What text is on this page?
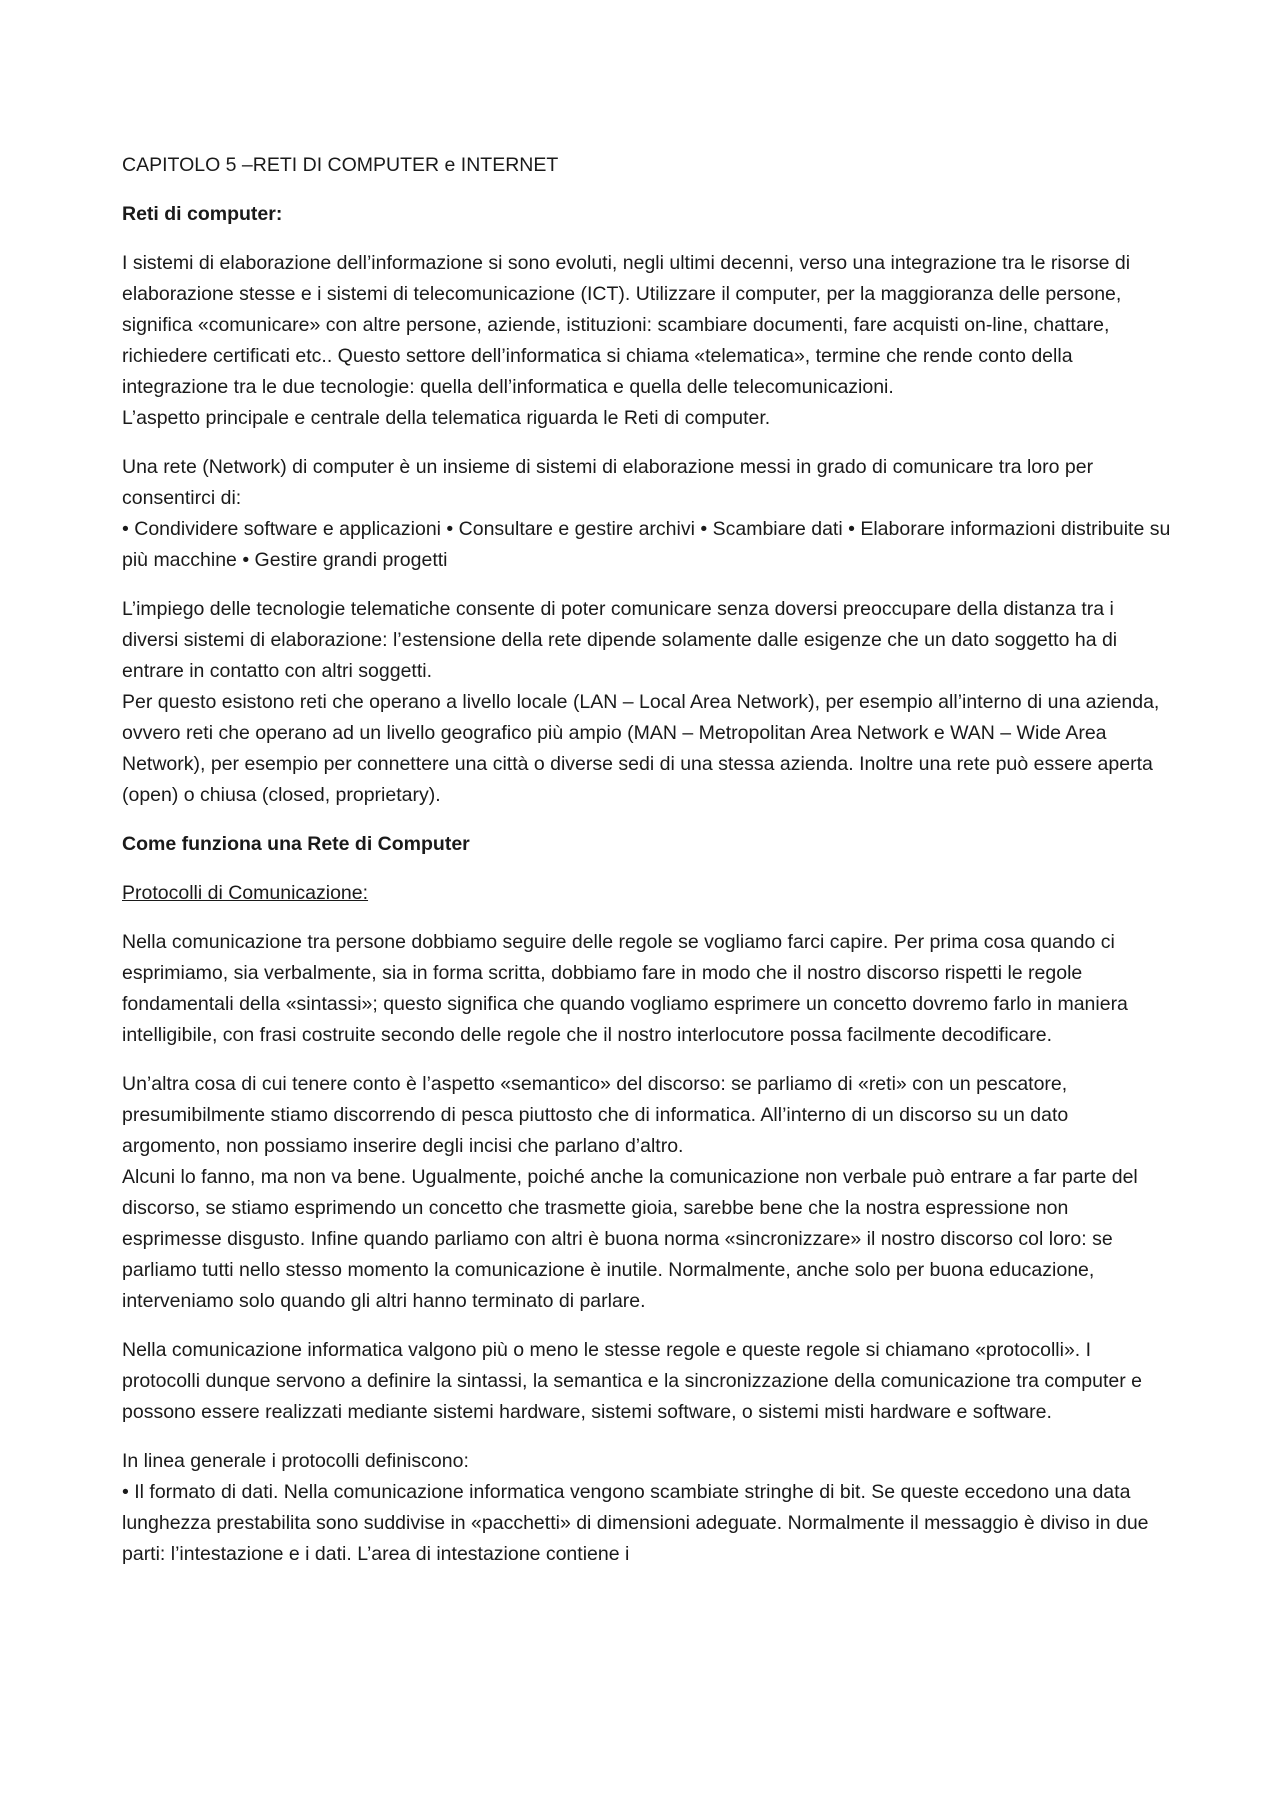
CAPITOLO 5 –RETI DI COMPUTER e INTERNET

Reti di computer:

I sistemi di elaborazione dell’informazione si sono evoluti, negli ultimi decenni, verso una integrazione tra le risorse di elaborazione stesse e i sistemi di telecomunicazione (ICT). Utilizzare il computer, per la maggioranza delle persone, significa «comunicare» con altre persone, aziende, istituzioni: scambiare documenti, fare acquisti on-line, chattare, richiedere certificati etc.. Questo settore dell’informatica si chiama «telematica», termine che rende conto della integrazione tra le due tecnologie: quella dell’informatica e quella delle telecomunicazioni.
L’aspetto principale e centrale della telematica riguarda le Reti di computer.

Una rete (Network) di computer è un insieme di sistemi di elaborazione messi in grado di comunicare tra loro per consentirci di:
• Condividere software e applicazioni • Consultare e gestire archivi • Scambiare dati • Elaborare informazioni distribuite su più macchine • Gestire grandi progetti

L’impiego delle tecnologie telematiche consente di poter comunicare senza doversi preoccupare della distanza tra i diversi sistemi di elaborazione: l’estensione della rete dipende solamente dalle esigenze che un dato soggetto ha di entrare in contatto con altri soggetti.
Per questo esistono reti che operano a livello locale (LAN – Local Area Network), per esempio all’interno di una azienda, ovvero reti che operano ad un livello geografico più ampio (MAN – Metropolitan Area Network e WAN – Wide Area Network), per esempio per connettere una città o diverse sedi di una stessa azienda. Inoltre una rete può essere aperta (open) o chiusa (closed, proprietary).

Come funziona una Rete di Computer

Protocolli di Comunicazione:

Nella comunicazione tra persone dobbiamo seguire delle regole se vogliamo farci capire. Per prima cosa quando ci esprimiamo, sia verbalmente, sia in forma scritta, dobbiamo fare in modo che il nostro discorso rispetti le regole fondamentali della «sintassi»; questo significa che quando vogliamo esprimere un concetto dovremo farlo in maniera intelligibile, con frasi costruite secondo delle regole che il nostro interlocutore possa facilmente decodificare.

Un’altra cosa di cui tenere conto è l’aspetto «semantico» del discorso: se parliamo di «reti» con un pescatore, presumibilmente stiamo discorrendo di pesca piuttosto che di informatica. All’interno di un discorso su un dato argomento, non possiamo inserire degli incisi che parlano d’altro.
Alcuni lo fanno, ma non va bene. Ugualmente, poiché anche la comunicazione non verbale può entrare a far parte del discorso, se stiamo esprimendo un concetto che trasmette gioia, sarebbe bene che la nostra espressione non esprimesse disgusto. Infine quando parliamo con altri è buona norma «sincronizzare» il nostro discorso col loro: se parliamo tutti nello stesso momento la comunicazione è inutile. Normalmente, anche solo per buona educazione, interveniamo solo quando gli altri hanno terminato di parlare.

Nella comunicazione informatica valgono più o meno le stesse regole e queste regole si chiamano «protocolli». I protocolli dunque servono a definire la sintassi, la semantica e la sincronizzazione della comunicazione tra computer e possono essere realizzati mediante sistemi hardware, sistemi software, o sistemi misti hardware e software.

In linea generale i protocolli definiscono:
• Il formato di dati. Nella comunicazione informatica vengono scambiate stringhe di bit. Se queste eccedono una data lunghezza prestabilita sono suddivise in «pacchetti» di dimensioni adeguate. Normalmente il messaggio è diviso in due parti: l’intestazione e i dati. L’area di intestazione contiene i
